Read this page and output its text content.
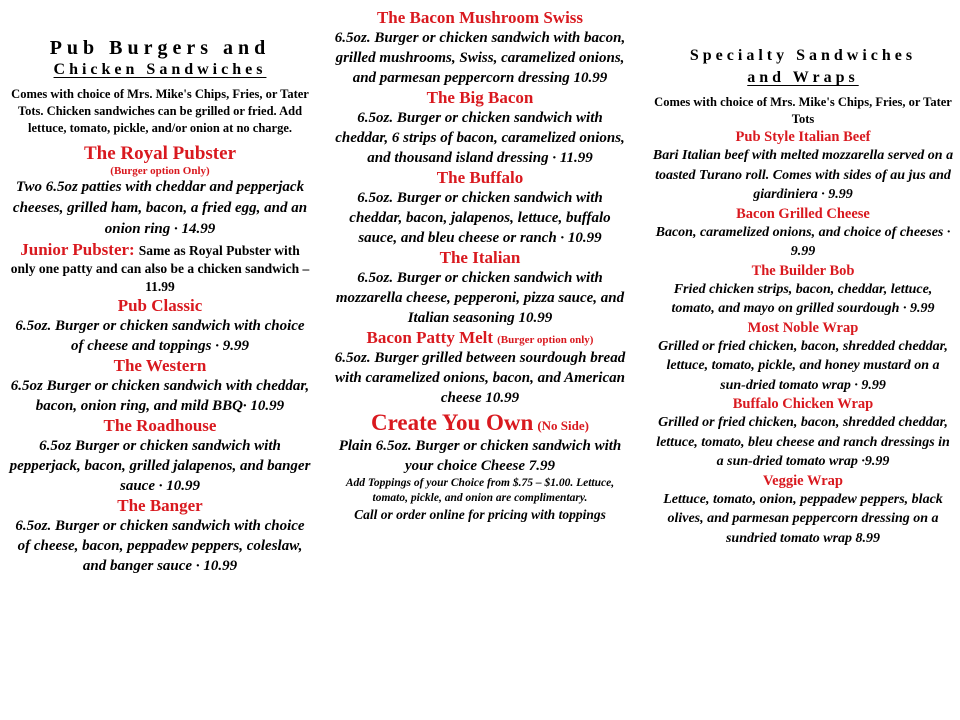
Pub Burgers and
Chicken Sandwiches
Comes with choice of Mrs. Mike's Chips, Fries, or Tater Tots. Chicken sandwiches can be grilled or fried. Add lettuce, tomato, pickle, and/or onion at no charge.
The Royal Pubster
(Burger option Only)
Two 6.5oz patties with cheddar and pepperjack cheeses, grilled ham, bacon, a fried egg, and an onion ring · 14.99
Junior Pubster: Same as Royal Pubster with only one patty and can also be a chicken sandwich – 11.99
Pub Classic
6.5oz. Burger or chicken sandwich with choice of cheese and toppings · 9.99
The Western
6.5oz Burger or chicken sandwich with cheddar, bacon, onion ring, and mild BBQ· 10.99
The Roadhouse
6.5oz Burger or chicken sandwich with pepperjack, bacon, grilled jalapenos, and banger sauce · 10.99
The Banger
6.5oz. Burger or chicken sandwich with choice of cheese, bacon, peppadew peppers, coleslaw, and banger sauce · 10.99
The Bacon Mushroom Swiss
6.5oz. Burger or chicken sandwich with bacon, grilled mushrooms, Swiss, caramelized onions, and parmesan peppercorn dressing 10.99
The Big Bacon
6.5oz. Burger or chicken sandwich with cheddar, 6 strips of bacon, caramelized onions, and thousand island dressing · 11.99
The Buffalo
6.5oz. Burger or chicken sandwich with cheddar, bacon, jalapenos, lettuce, buffalo sauce, and bleu cheese or ranch · 10.99
The Italian
6.5oz. Burger or chicken sandwich with mozzarella cheese, pepperoni, pizza sauce, and Italian seasoning 10.99
Bacon Patty Melt (Burger option only)
6.5oz. Burger grilled between sourdough bread with caramelized onions, bacon, and American cheese 10.99
Create You Own (No Side)
Plain 6.5oz. Burger or chicken sandwich with your choice Cheese 7.99
Add Toppings of your Choice from $.75 – $1.00. Lettuce, tomato, pickle, and onion are complimentary.
Call or order online for pricing with toppings
Specialty Sandwiches
and Wraps
Comes with choice of Mrs. Mike's Chips, Fries, or Tater Tots
Pub Style Italian Beef
Bari Italian beef with melted mozzarella served on a toasted Turano roll. Comes with sides of au jus and giardiniera · 9.99
Bacon Grilled Cheese
Bacon, caramelized onions, and choice of cheeses · 9.99
The Builder Bob
Fried chicken strips, bacon, cheddar, lettuce, tomato, and mayo on grilled sourdough · 9.99
Most Noble Wrap
Grilled or fried chicken, bacon, shredded cheddar, lettuce, tomato, pickle, and honey mustard on a sun-dried tomato wrap · 9.99
Buffalo Chicken Wrap
Grilled or fried chicken, bacon, shredded cheddar, lettuce, tomato, bleu cheese and ranch dressings in a sun-dried tomato wrap ·9.99
Veggie Wrap
Lettuce, tomato, onion, peppadew peppers, black olives, and parmesan peppercorn dressing on a sundried tomato wrap 8.99
